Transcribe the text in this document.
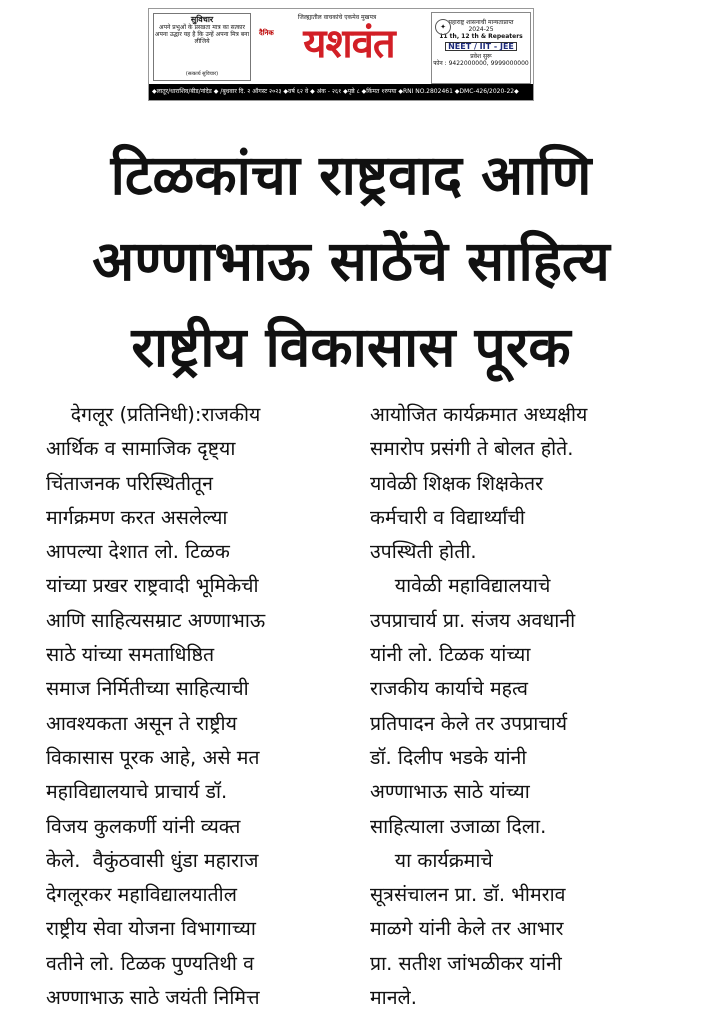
सुविचार
अपने प्रभुओं के प्रसन्नता मात्र का सत्कार अपना उद्धार यह है कि उन्हें अपना मित्र बना लीजिये
(सत्कार्य सुविचार)
जिल्ह्यातील वाचकांचे एकमेव मुखपत्र
दैनिक यशवंत	✦
महाराष्ट्र शासनाची मान्यताप्राप्त
2024-25
11 th, 12 th & Repeaters
NEET / IIT - JEE
प्रवेश सुरू
फोन : 9422000000, 9999000000
◆लातूर/धाराशिव/बीड/नांदेड ◆ /बुधवार दि. २ ऑगस्ट २०२३ ◆वर्ष ६२ वे ◆ अंक - २६१ ◆पृष्ठे ८ ◆किंमत १रुपया ◆RNI NO.2802461 ◆DMC-426/2020-22◆
टिळकांचा राष्ट्रवाद आणि
अण्णाभाऊ साठेंचे साहित्य
राष्ट्रीय विकासास पूरक
देगलूर (प्रतिनिधी):राजकीय
आर्थिक व सामाजिक दृष्ट्या
चिंताजनक परिस्थितीतून
मार्गक्रमण करत असलेल्या
आपल्या देशात लो. टिळक
यांच्या प्रखर राष्ट्रवादी भूमिकेची
आणि साहित्यसम्राट अण्णाभाऊ
साठे यांच्या समताधिष्ठित
समाज निर्मितीच्या साहित्याची
आवश्यकता असून ते राष्ट्रीय
विकासास पूरक आहे, असे मत
महाविद्यालयाचे प्राचार्य डॉ.
विजय कुलकर्णी यांनी व्यक्त
केले.  वैकुंठवासी धुंडा महाराज
देगलूरकर महाविद्यालयातील
राष्ट्रीय सेवा योजना विभागाच्या
वतीने लो. टिळक पुण्यतिथी व
अण्णाभाऊ साठे जयंती निमित्त
आयोजित कार्यक्रमात अध्यक्षीय
समारोप प्रसंगी ते बोलत होते.
यावेळी शिक्षक शिक्षकेतर
कर्मचारी व विद्यार्थ्यांची
उपस्थिती होती.
यावेळी महाविद्यालयाचे
उपप्राचार्य प्रा. संजय अवधानी
यांनी लो. टिळक यांच्या
राजकीय कार्याचे महत्व
प्रतिपादन केले तर उपप्राचार्य
डॉ. दिलीप भडके यांनी
अण्णाभाऊ साठे यांच्या
साहित्याला उजाळा दिला.
या कार्यक्रमाचे
सूत्रसंचालन प्रा. डॉ. भीमराव
माळगे यांनी केले तर आभार
प्रा. सतीश जांभळीकर यांनी
मानले.
